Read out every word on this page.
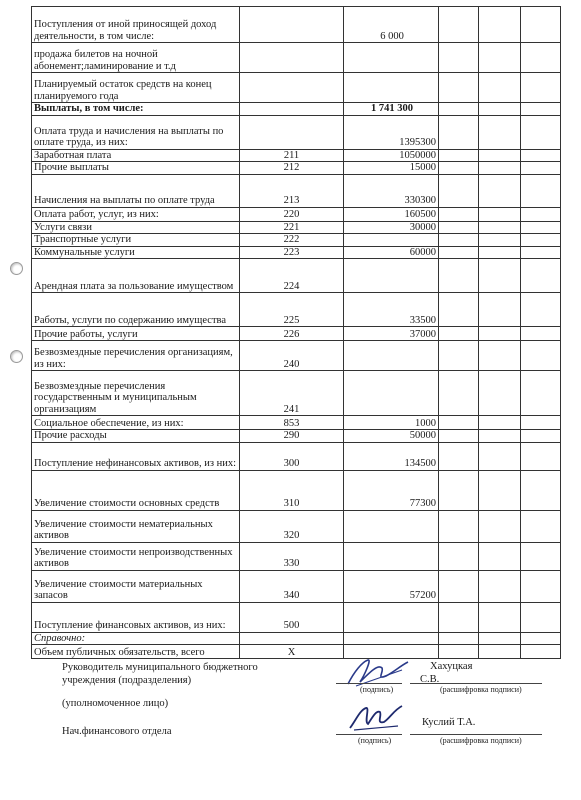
Поступления от иной приносящей доход деятельности, в том числе:		6 000			
продажа билетов на ночной абонемент;ламинирование и т.д					
Планируемый остаток средств на конец планируемого года					
Выплаты, в том числе:		1 741 300			
Оплата труда и начисления на выплаты по оплате труда, из них:		1395300			
Заработная плата	211	1050000			
Прочие выплаты	212	15000			
Начисления на выплаты по оплате труда	213	330300			
Оплата работ, услуг, из них:	220	160500			
Услуги связи	221	30000			
Транспортные услуги	222				
Коммунальные услуги	223	60000			
Арендная плата за пользование имуществом	224				
Работы, услуги по содержанию имущества	225	33500			
Прочие работы, услуги	226	37000			
Безвозмездные перечисления организациям, из них:	240				
Безвозмездные перечисления государственным и муниципальным организациям	241				
Социальное обеспечение, из них:	853	1000			
Прочие расходы	290	50000			
Поступление нефинансовых активов, из них:	300	134500			
Увеличение стоимости основных средств	310	77300			
Увеличение стоимости нематериальных активов	320				
Увеличение стоимости непроизводственных активов	330				
Увеличение стоимости материальных запасов	340	57200			
Поступление финансовых активов, из них:	500				
Справочно:					
Объем публичных обязательств, всего	Х				
Руководитель муниципального бюджетного учреждения (подразделения)
(уполномоченное лицо)
(подпись)
Хахуцкая
С.В.
(расшифровка подписи)
Нач.финансового отдела
(подпись)
Куслий Т.А.
(расшифровка подписи)
